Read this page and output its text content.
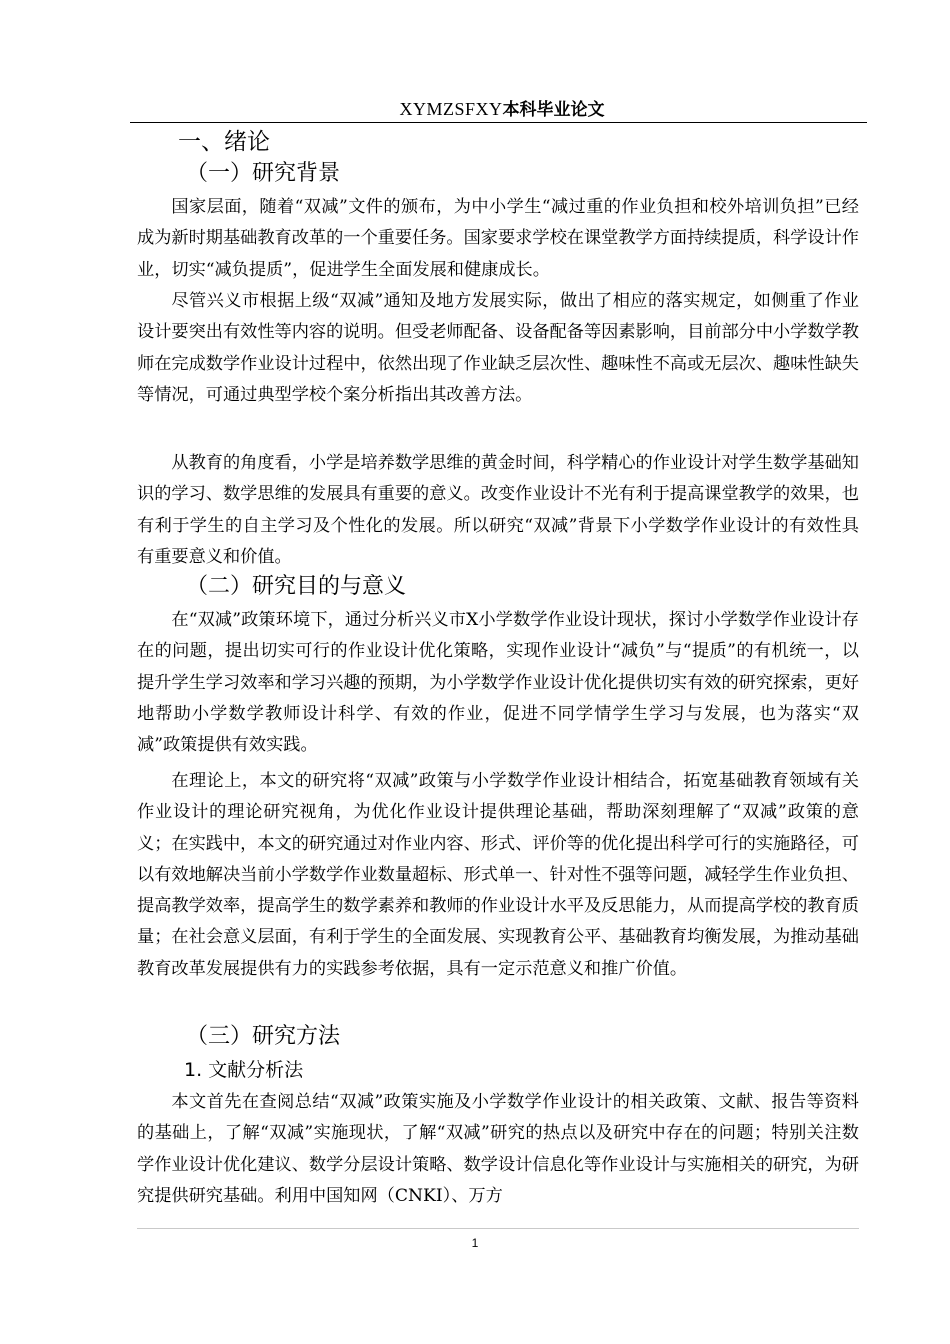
XYMZSFXY本科毕业论文
一、绪论
（一）研究背景

国家层面，随着“双减”文件的颁布，为中小学生“减过重的作业负担和校外培训负担”已经成为新时期基础教育改革的一个重要任务。国家要求学校在课堂教学方面持续提质，科学设计作业，切实“减负提质”，促进学生全面发展和健康成长。

尽管兴义市根据上级“双减”通知及地方发展实际，做出了相应的落实规定，如侧重了作业设计要突出有效性等内容的说明。但受老师配备、设备配备等因素影响，目前部分中小学数学教师在完成数学作业设计过程中，依然出现了作业缺乏层次性、趣味性不高或无层次、趣味性缺失等情况，可通过典型学校个案分析指出其改善方法。

从教育的角度看，小学是培养数学思维的黄金时间，科学精心的作业设计对学生数学基础知识的学习、数学思维的发展具有重要的意义。改变作业设计不光有利于提高课堂教学的效果，也有利于学生的自主学习及个性化的发展。所以研究“双减”背景下小学数学作业设计的有效性具有重要意义和价值。

（二）研究目的与意义

在“双减”政策环境下，通过分析兴义市X小学数学作业设计现状，探讨小学数学作业设计存在的问题，提出切实可行的作业设计优化策略，实现作业设计“减负”与“提质”的有机统一，以提升学生学习效率和学习兴趣的预期，为小学数学作业设计优化提供切实有效的研究探索，更好地帮助小学数学教师设计科学、有效的作业，促进不同学情学生学习与发展，也为落实“双减”政策提供有效实践。

在理论上，本文的研究将“双减”政策与小学数学作业设计相结合，拓宽基础教育领域有关作业设计的理论研究视角，为优化作业设计提供理论基础，帮助深刻理解了“双减”政策的意义；在实践中，本文的研究通过对作业内容、形式、评价等的优化提出科学可行的实施路径，可以有效地解决当前小学数学作业数量超标、形式单一、针对性不强等问题，减轻学生作业负担、提高教学效率，提高学生的数学素养和教师的作业设计水平及反思能力，从而提高学校的教育质量；在社会意义层面，有利于学生的全面发展、实现教育公平、基础教育均衡发展，为推动基础教育改革发展提供有力的实践参考依据，具有一定示范意义和推广价值。

（三）研究方法
1. 文献分析法

本文首先在查阅总结“双减”政策实施及小学数学作业设计的相关政策、文献、报告等资料的基础上，了解“双减”实施现状，了解“双减”研究的热点以及研究中存在的问题；特别关注数学作业设计优化建议、数学分层设计策略、数学设计信息化等作业设计与实施相关的研究，为研究提供研究基础。利用中国知网（CNKI）、万方

1
